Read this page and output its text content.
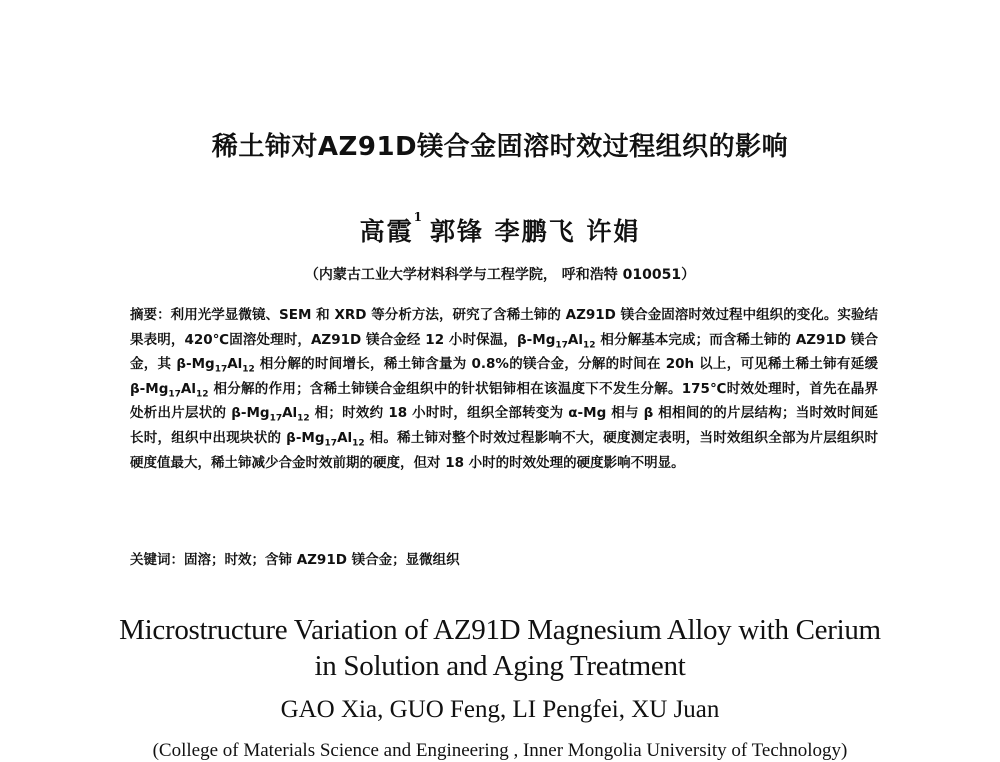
稀土铈对AZ91D镁合金固溶时效过程组织的影响
高霞$^1$ 郭锋 李鹏飞 许娟
（内蒙古工业大学材料科学与工程学院， 呼和浩特 010051）
摘要：利用光学显微镜、SEM 和 XRD 等分析方法，研究了含稀土铈的 AZ91D 镁合金固溶时效过程中组织的变化。实验结果表明，420℃固溶处理时，AZ91D 镁合金经 12 小时保温，$\beta-Mg_{17}Al_{12}$ 相分解基本完成；而含稀土铈的 AZ91D 镁合金，其 $\beta-Mg_{17}Al_{12}$ 相分解的时间增长，稀土铈含量为 0.8%的镁合金，分解的时间在 20h 以上，可见稀土稀土铈有延缓 $\beta-Mg_{17}Al_{12}$ 相分解的作用；含稀土铈镁合金组织中的针状铝铈相在该温度下不发生分解。175℃时效处理时，首先在晶界处析出片层状的 $\beta-Mg_{17}Al_{12}$ 相；时效约 18 小时时，组织全部转变为 α-Mg 相与 β 相相间的的片层结构；当时效时间延长时，组织中出现块状的 $\beta-Mg_{17}Al_{12}$ 相。稀土铈对整个时效过程影响不大，硬度测定表明，当时效组织全部为片层组织时硬度值最大，稀土铈减少合金时效前期的硬度，但对 18 小时的时效处理的硬度影响不明显。
关键词：固溶；时效；含铈 AZ91D 镁合金；显微组织
Microstructure Variation of AZ91D Magnesium Alloy with Cerium
in Solution and Aging Treatment
GAO Xia, GUO Feng, LI Pengfei, XU Juan
(College of Materials Science and Engineering , Inner Mongolia University of Technology)
